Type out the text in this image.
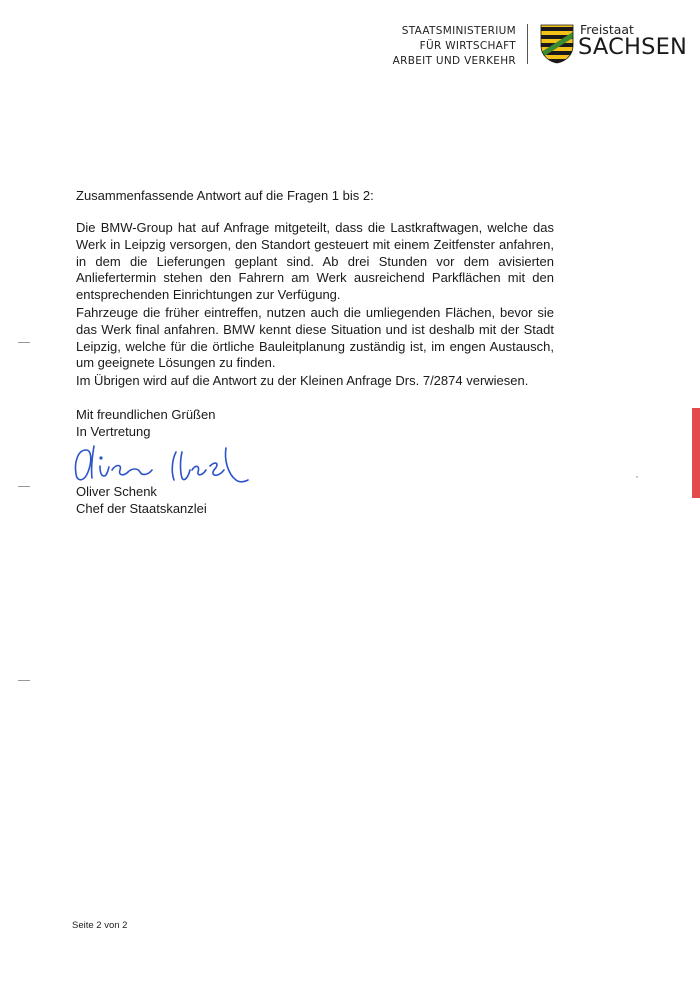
STAATSMINISTERIUM
FÜR WIRTSCHAFT
ARBEIT UND VERKEHR
Freistaat
SACHSEN
Zusammenfassende Antwort auf die Fragen 1 bis 2:
Die BMW-Group hat auf Anfrage mitgeteilt, dass die Lastkraftwagen, welche das Werk in Leipzig versorgen, den Standort gesteuert mit einem Zeitfenster anfahren, in dem die Lieferungen geplant sind. Ab drei Stunden vor dem avisierten Anliefertermin stehen den Fahrern am Werk ausreichend Parkflächen mit den entsprechenden Einrichtungen zur Verfügung.
Fahrzeuge die früher eintreffen, nutzen auch die umliegenden Flächen, bevor sie das Werk final anfahren. BMW kennt diese Situation und ist deshalb mit der Stadt Leipzig, welche für die örtliche Bauleitplanung zuständig ist, im engen Austausch, um geeignete Lösungen zu finden.
Im Übrigen wird auf die Antwort zu der Kleinen Anfrage Drs. 7/2874 verwiesen.
Mit freundlichen Grüßen
In Vertretung
Oliver Schenk
Chef der Staatskanzlei
Seite 2 von 2
